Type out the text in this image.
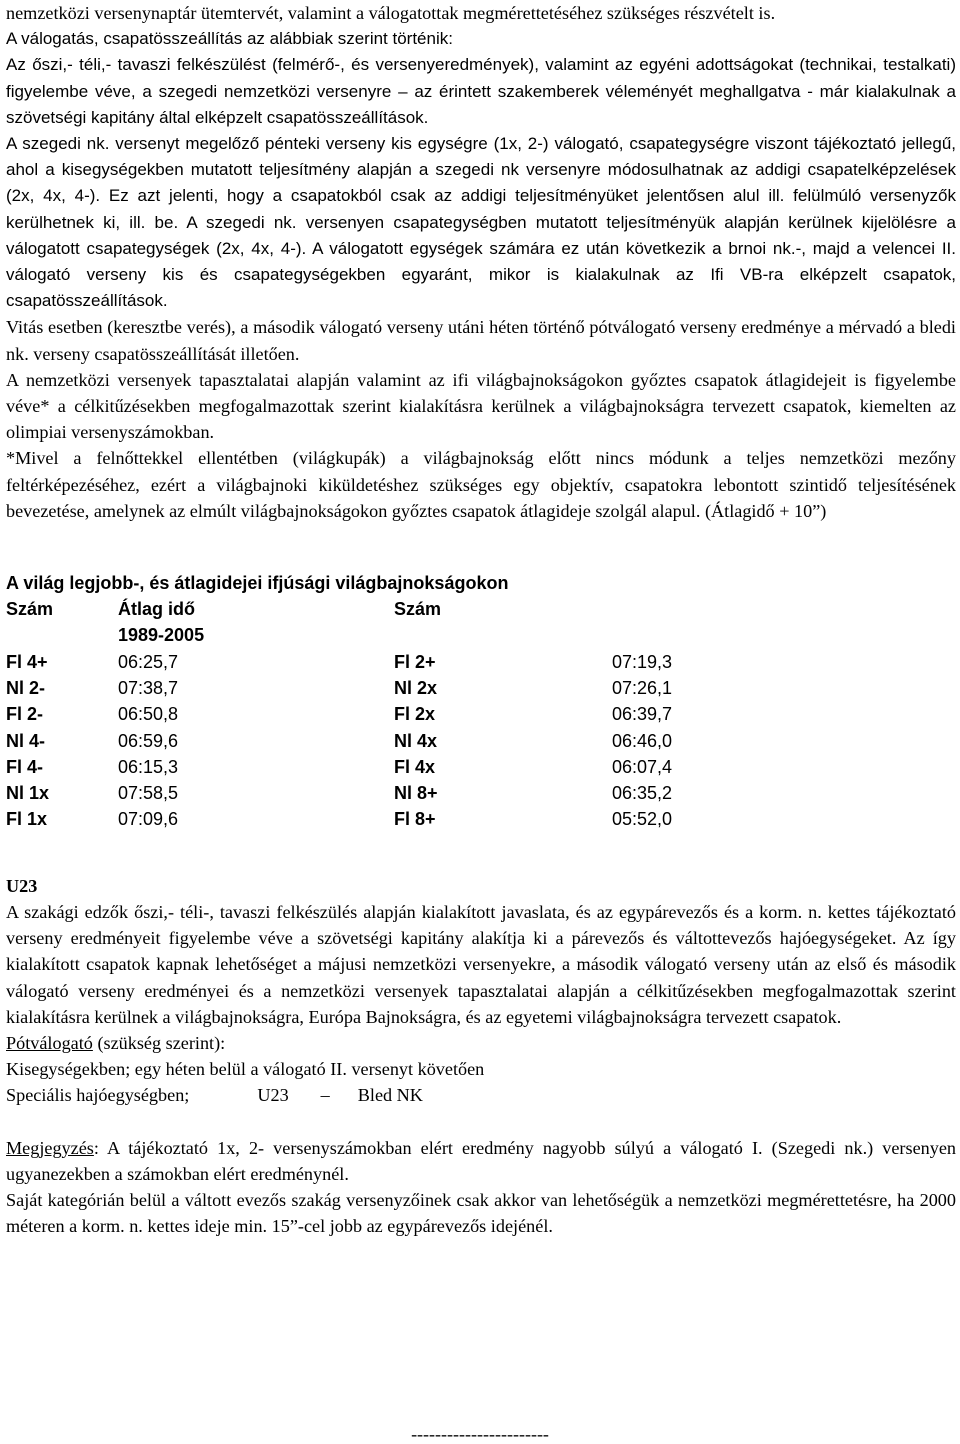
nemzetközi versenynaptár ütemtervét, valamint a válogatottak megmérettetéséhez szükséges részvételt is.

A válogatás, csapatösszeállítás az alábbiak szerint történik:

Az őszi,- téli,- tavaszi felkészülést (felmérő-, és versenyeredmények), valamint az egyéni adottságokat (technikai, testalkati) figyelembe véve, a szegedi nemzetközi versenyre – az érintett szakemberek véleményét meghallgatva - már kialakulnak a szövetségi kapitány által elképzelt csapatösszeállítások.

A szegedi nk. versenyt megelőző pénteki verseny kis egységre (1x, 2-) válogató, csapategységre viszont tájékoztató jellegű, ahol a kisegységekben mutatott teljesítmény alapján a szegedi nk versenyre módosulhatnak az addigi csapatelképzelések (2x, 4x, 4-). Ez azt jelenti, hogy a csapatokból csak az addigi teljesítményüket jelentősen alul ill. felülmúló versenyzők kerülhetnek ki, ill. be. A szegedi nk. versenyen csapategységben mutatott teljesítményük alapján kerülnek kijelölésre a válogatott csapategységek (2x, 4x, 4-). A válogatott egységek számára ez után következik a brnoi nk.-, majd a velencei II. válogató verseny kis és csapategységekben egyaránt, mikor is kialakulnak az Ifi VB-ra elképzelt csapatok, csapatösszeállítások.

Vitás esetben (keresztbe verés), a második válogató verseny utáni héten történő pótválogató verseny eredménye a mérvadó a bledi nk. verseny csapatösszeállítását illetően.

A nemzetközi versenyek tapasztalatai alapján valamint az ifi világbajnokságokon győztes csapatok átlagidejeit is figyelembe véve* a célkitűzésekben megfogalmazottak szerint kialakításra kerülnek a világbajnokságra tervezett csapatok, kiemelten az olimpiai versenyszámokban.

*Mivel a felnőttekkel ellentétben (világkupák) a világbajnokság előtt nincs módunk a teljes nemzetközi mezőny feltérképezéséhez, ezért a világbajnoki kiküldetéshez szükséges egy objektív, csapatokra lebontott szintidő teljesítésének bevezetése, amelynek az elmúlt világbajnokságokon győztes csapatok átlagideje szolgál alapul. (Átlagidő + 10”)

A világ legjobb-, és átlagidejei ifjúsági világbajnokságokon
Szám	Átlag idő	Szám	
	1989-2005		
Fl 4+	06:25,7	Fl 2+	07:19,3
Nl 2-	07:38,7	Nl 2x	07:26,1
Fl 2-	06:50,8	Fl 2x	06:39,7
Nl 4-	06:59,6	Nl 4x	06:46,0
Fl 4-	06:15,3	Fl 4x	06:07,4
Nl 1x	07:58,5	Nl 8+	06:35,2
Fl 1x	07:09,6	Fl 8+	05:52,0

U23

A szakági edzők őszi,- téli-, tavaszi felkészülés alapján kialakított javaslata, és az egypárevezős és a korm. n. kettes tájékoztató verseny eredményeit figyelembe véve a szövetségi kapitány alakítja ki a párevezős és váltottevezős hajóegységeket. Az így kialakított csapatok kapnak lehetőséget a májusi nemzetközi versenyekre, a második válogató verseny után az első és második válogató verseny eredményei és a nemzetközi versenyek tapasztalatai alapján a célkitűzésekben megfogalmazottak szerint kialakításra kerülnek a világbajnokságra, Európa Bajnokságra, és az egyetemi világbajnokságra tervezett csapatok.

Pótválogató (szükség szerint):

Kisegységekben; egy héten belül a válogató II. versenyt követően

Speciális hajóegységben;	U23 – Bled NK

Megjegyzés: A tájékoztató 1x, 2- versenyszámokban elért eredmény nagyobb súlyú a válogató I. (Szegedi nk.) versenyen ugyanezekben a számokban elért eredménynél.

Saját kategórián belül a váltott evezős szakág versenyzőinek csak akkor van lehetőségük a nemzetközi megmérettetésre, ha 2000 méteren a korm. n. kettes ideje min. 15”-cel jobb az egypárevezős idejénél.

-----------------------
